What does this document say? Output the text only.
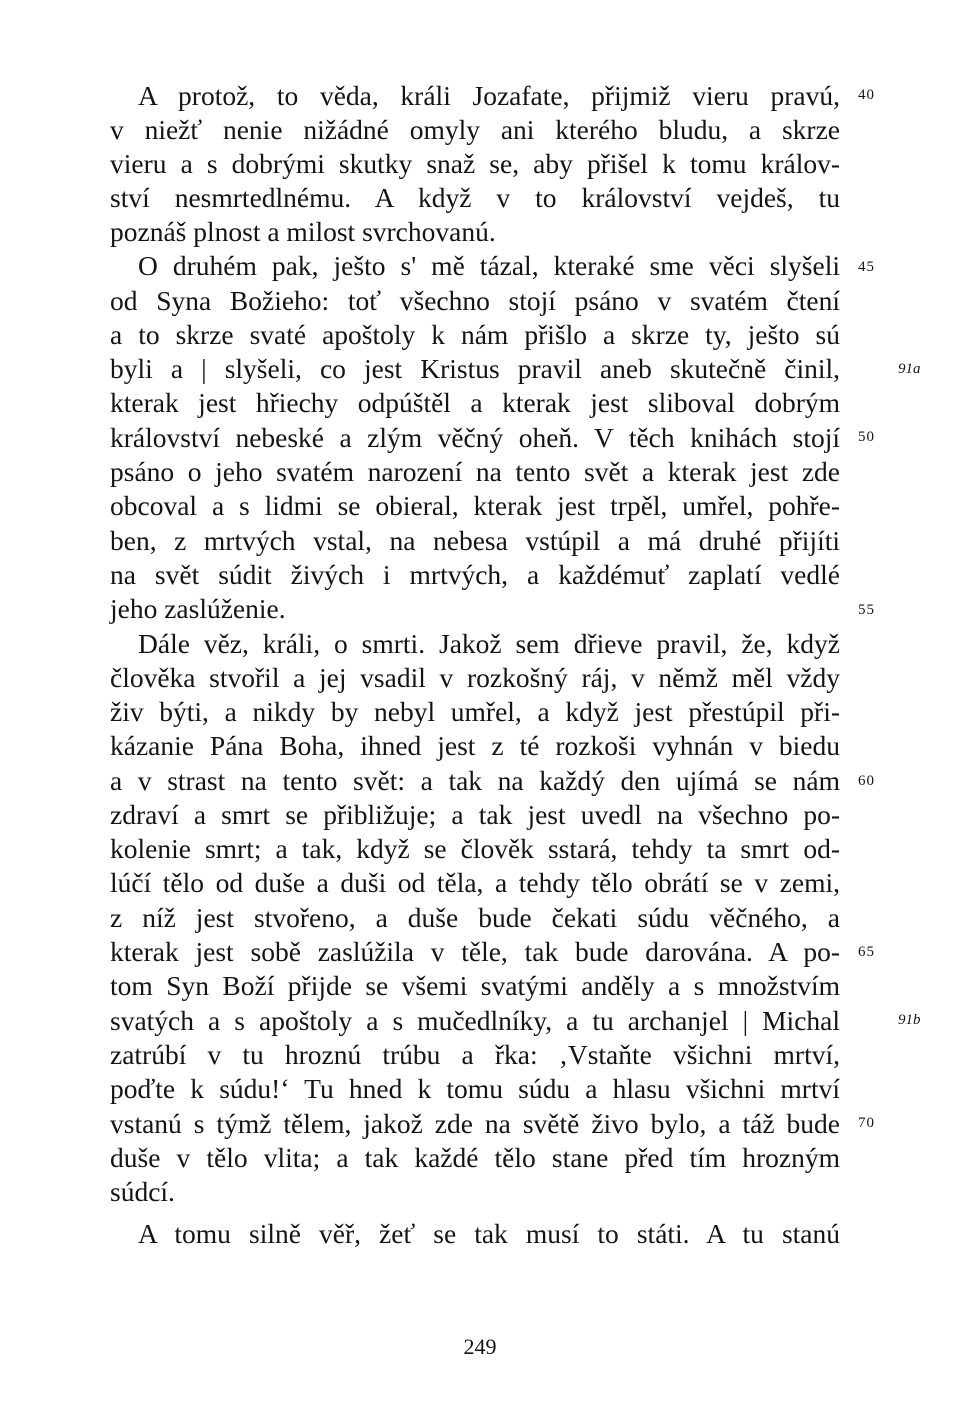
A protož, to věda, králi Jozafate, přijmiž vieru pravú,
v niežť nenie nižádné omyly ani kterého bludu, a skrze
vieru a s dobrými skutky snaž se, aby přišel k tomu králov-
ství nesmrtedlnému. A když v to království vejdeš, tu
poznáš plnost a milost svrchovanú.
O druhém pak, ješto s' mě tázal, kteraké sme věci slyšeli
od Syna Božieho: toť všechno stojí psáno v svatém čtení
a to skrze svaté apoštoly k nám přišlo a skrze ty, ješto sú
byli a | slyšeli, co jest Kristus pravil aneb skutečně činil,
kterak jest hřiechy odpúštěl a kterak jest sliboval dobrým
království nebeské a zlým věčný oheň. V těch knihách stojí
psáno o jeho svatém narození na tento svět a kterak jest zde
obcoval a s lidmi se obieral, kterak jest trpěl, umřel, pohře-
ben, z mrtvých vstal, na nebesa vstúpil a má druhé přijíti
na svět súdit živých i mrtvých, a každémuť zaplatí vedlé
jeho zaslúženie.
Dále věz, králi, o smrti. Jakož sem dřieve pravil, že, když
člověka stvořil a jej vsadil v rozkošný ráj, v němž měl vždy
živ býti, a nikdy by nebyl umřel, a když jest přestúpil při-
kázanie Pána Boha, ihned jest z té rozkoši vyhnán v biedu
a v strast na tento svět: a tak na každý den ujímá se nám
zdraví a smrt se přibližuje; a tak jest uvedl na všechno po-
kolenie smrt; a tak, když se člověk sstará, tehdy ta smrt od-
lúčí tělo od duše a duši od těla, a tehdy tělo obrátí se v zemi,
z níž jest stvořeno, a duše bude čekati súdu věčného, a
kterak jest sobě zaslúžila v těle, tak bude darována. A po-
tom Syn Boží přijde se všemi svatými anděly a s množstvím
svatých a s apoštoly a s mučedlníky, a tu archanjel | Michal
zatrúbí v tu hroznú trúbu a řka: ‚Vstaňte všichni mrtví,
poďte k súdu!‘ Tu hned k tomu súdu a hlasu všichni mrtví
vstanú s týmž tělem, jakož zde na světě živo bylo, a táž bude
duše v tělo vlita; a tak každé tělo stane před tím hrozným
súdcí.
A tomu silně věř, žeť se tak musí to státi. A tu stanú
40
45
50
55
60
65
70
91a
91b
249
